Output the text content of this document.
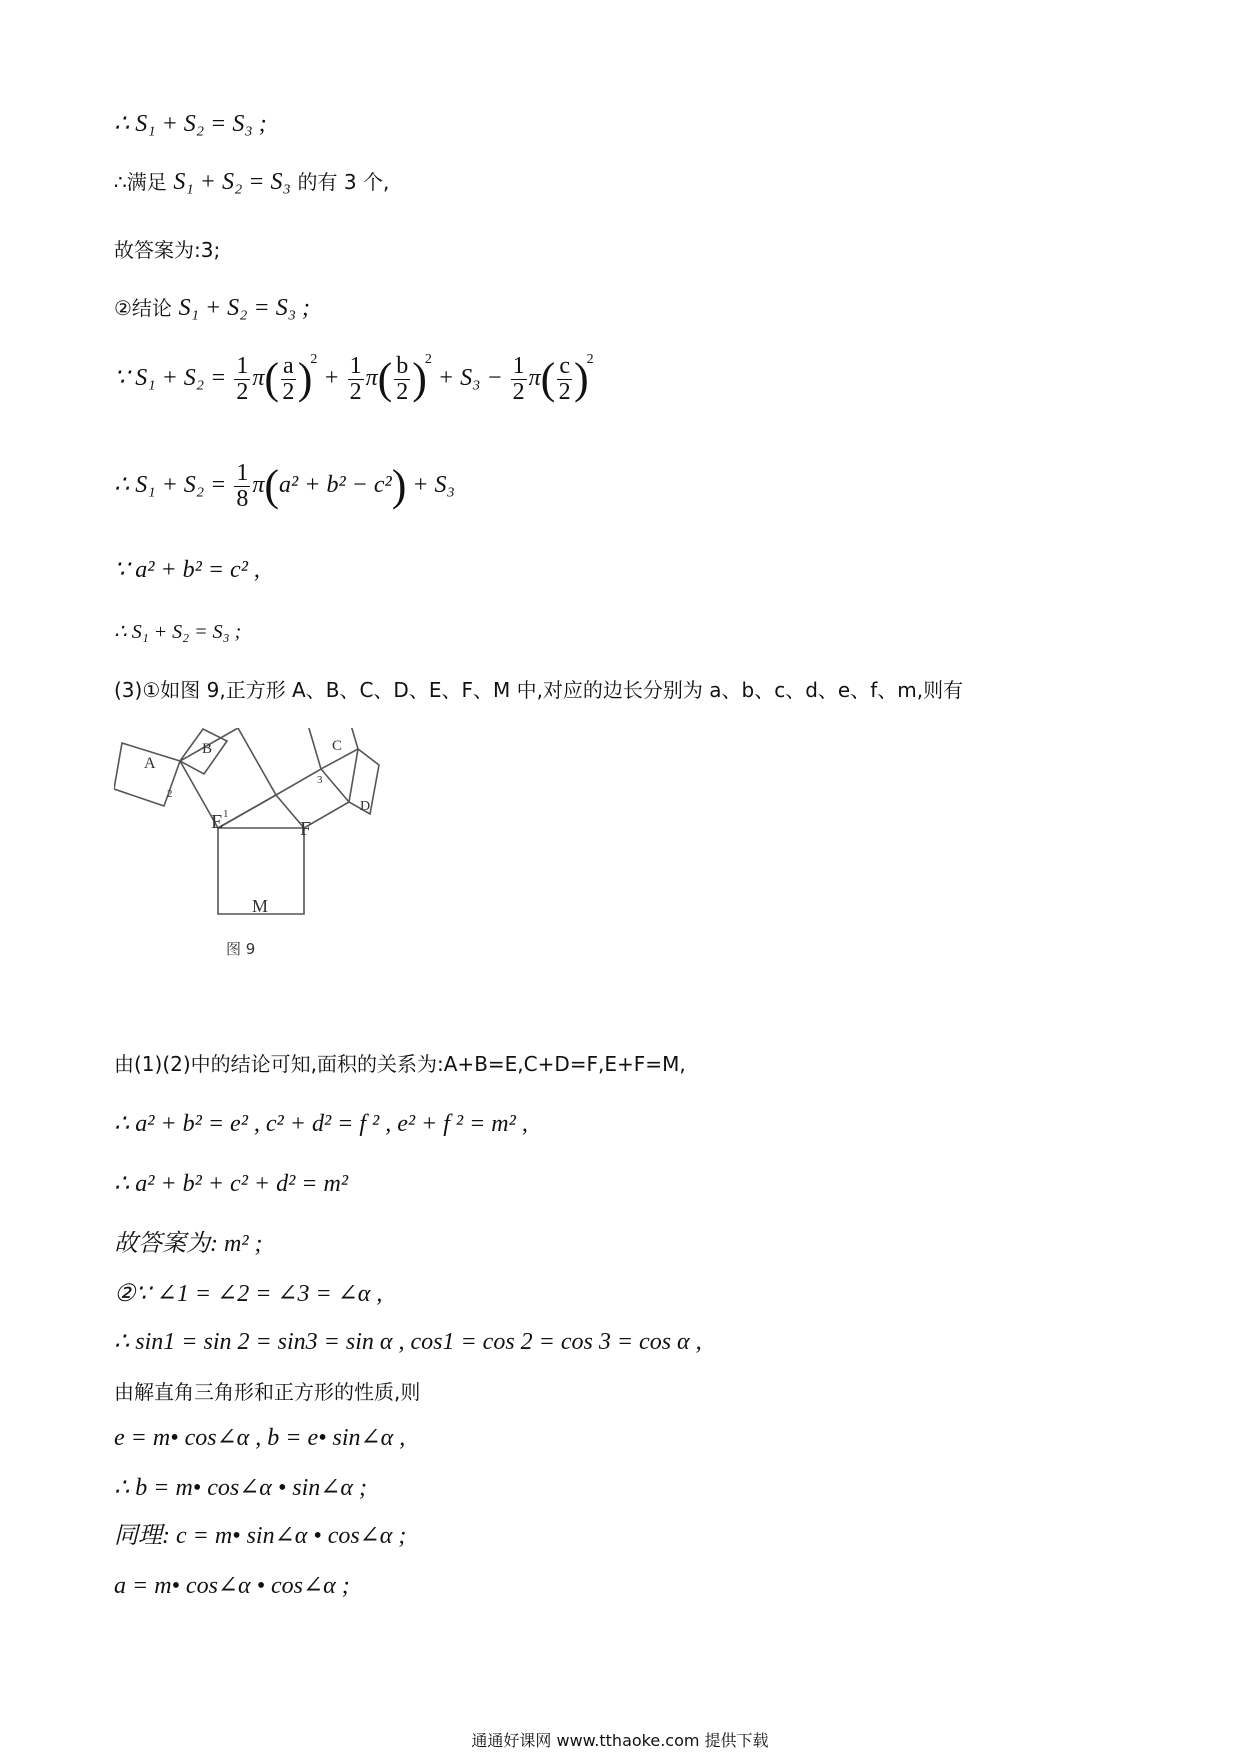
∴ S₁ + S₂ = S₃ ;
∴满足 S₁ + S₂ = S₃ 的有 3 个,
故答案为:3;
②结论 S₁ + S₂ = S₃ ;
∵ $S_1 + S_2 = \frac{1}{2} \pi( \frac{a}{2} )^2 + \frac{1}{2} \pi( \frac{b}{2} )^2 + S_3 - \frac{1}{2} \pi( \frac{c}{2} )^2$
∴ $S_1 + S_2 = \frac{1}{8} \pi(a^2 + b^2 - c^2) + S_3$
∵ a² + b² = c² ,
∴ S₁ + S₂ = S₃ ;
(3)①如图 9,正方形 A、B、C、D、E、F、M 中,对应的边长分别为 a、b、c、d、e、f、m,则有
A
B
E	F
M
C
D
1
2
3
图 9
由(1)(2)中的结论可知,面积的关系为:A+B=E,C+D=F,E+F=M,
∴ a² + b² = e² , c² + d² = f ² , e² + f ² = m² ,
∴ a² + b² + c² + d² = m²
故答案为: m² ;
②∵ ∠1 = ∠2 = ∠3 = ∠α ,
∴ sin1 = sin 2 = sin3 = sin α , cos1 = cos 2 = cos 3 = cos α ,
由解直角三角形和正方形的性质,则
e = m• cos∠α , b = e• sin∠α ,
∴ b = m• cos∠α • sin∠α ;
同理: c = m• sin∠α • cos∠α ;
a = m• cos∠α • cos∠α ;
通通好课网 www.tthaoke.com 提供下载
